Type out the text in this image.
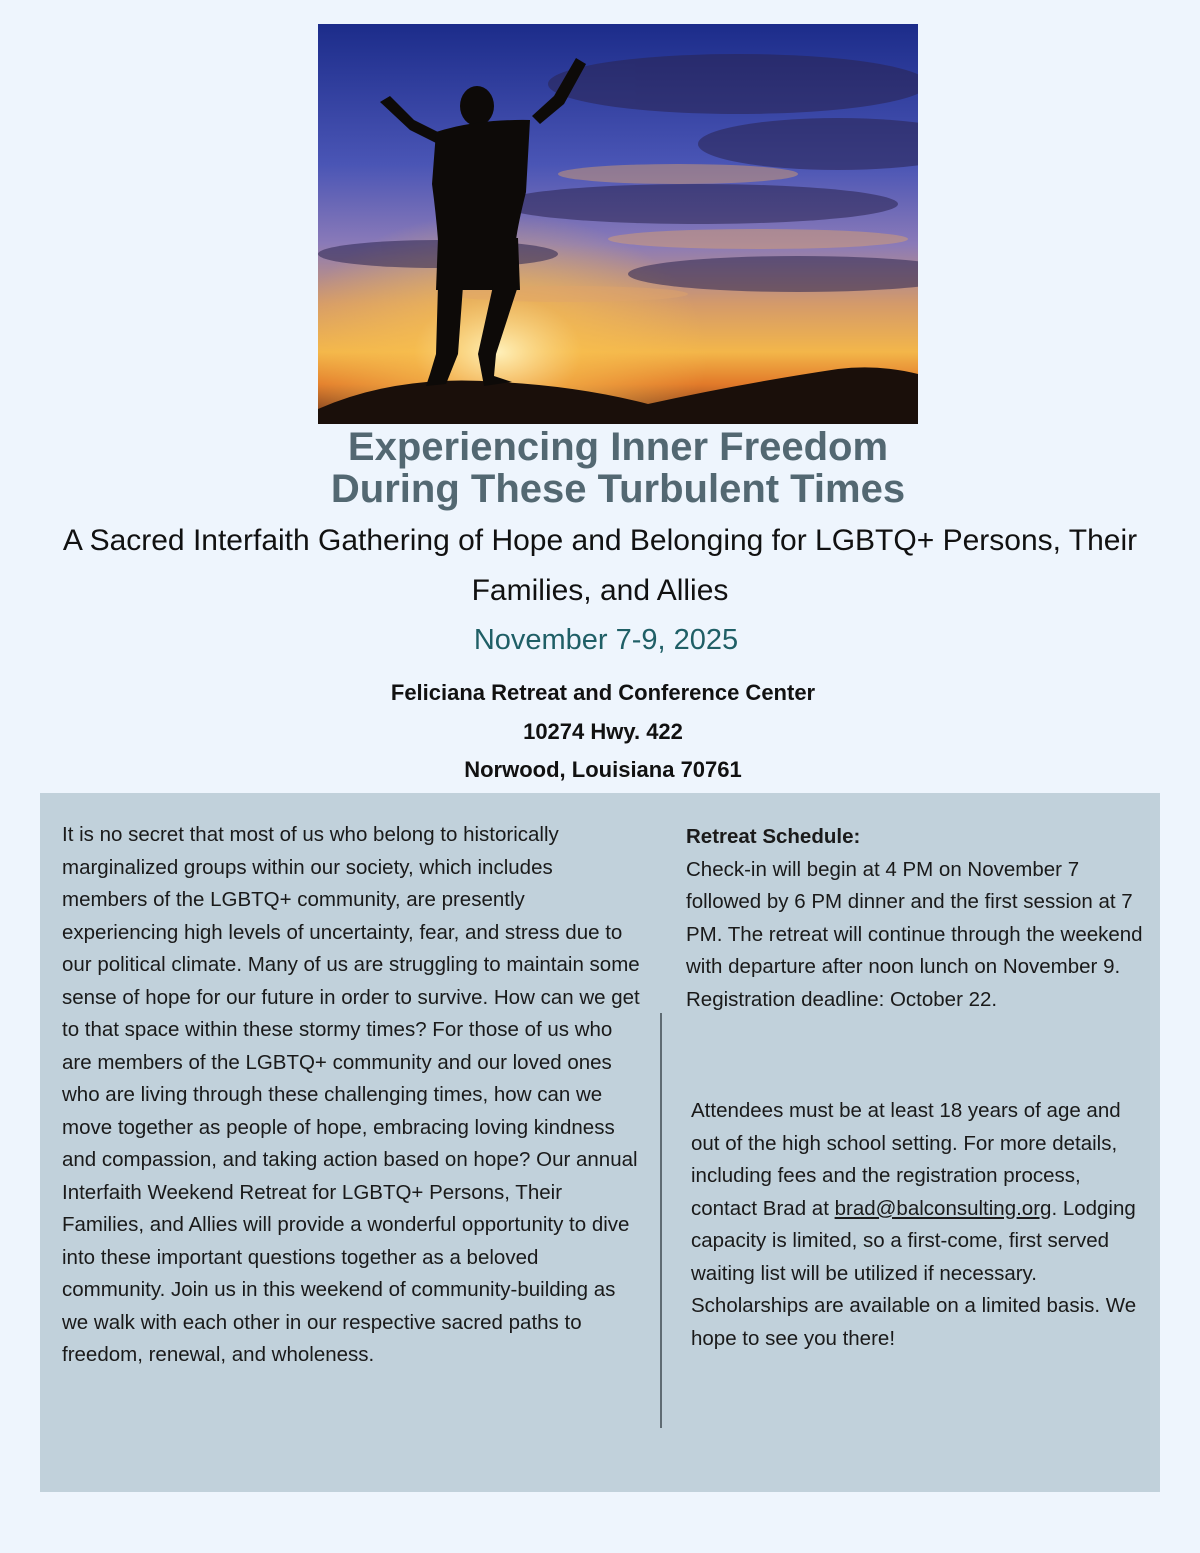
Experiencing Inner Freedom
During These Turbulent Times

A Sacred Interfaith Gathering of Hope and Belonging for LGBTQ+ Persons, Their Families, and Allies

November 7-9, 2025
Feliciana Retreat and Conference Center
10274 Hwy. 422
Norwood, Louisiana 70761
It is no secret that most of us who belong to historically marginalized groups within our society, which includes members of the LGBTQ+ community, are presently experiencing high levels of uncertainty, fear, and stress due to our political climate. Many of us are struggling to maintain some sense of hope for our future in order to survive. How can we get to that space within these stormy times? For those of us who are members of the LGBTQ+ community and our loved ones who are living through these challenging times, how can we move together as people of hope, embracing loving kindness and compassion, and taking action based on hope? Our annual Interfaith Weekend Retreat for LGBTQ+ Persons, Their Families, and Allies will provide a wonderful opportunity to dive into these important questions together as a beloved community. Join us in this weekend of community-building as we walk with each other in our respective sacred paths to freedom, renewal, and wholeness.
Retreat Schedule:

Check-in will begin at 4 PM on November 7 followed by 6 PM dinner and the first session at 7 PM. The retreat will continue through the weekend with departure after noon lunch on November 9. Registration deadline: October 22.

Attendees must be at least 18 years of age and out of the high school setting. For more details, including fees and the registration process, contact Brad at brad@balconsulting.org. Lodging capacity is limited, so a first-come, first served waiting list will be utilized if necessary. Scholarships are available on a limited basis. We hope to see you there!
